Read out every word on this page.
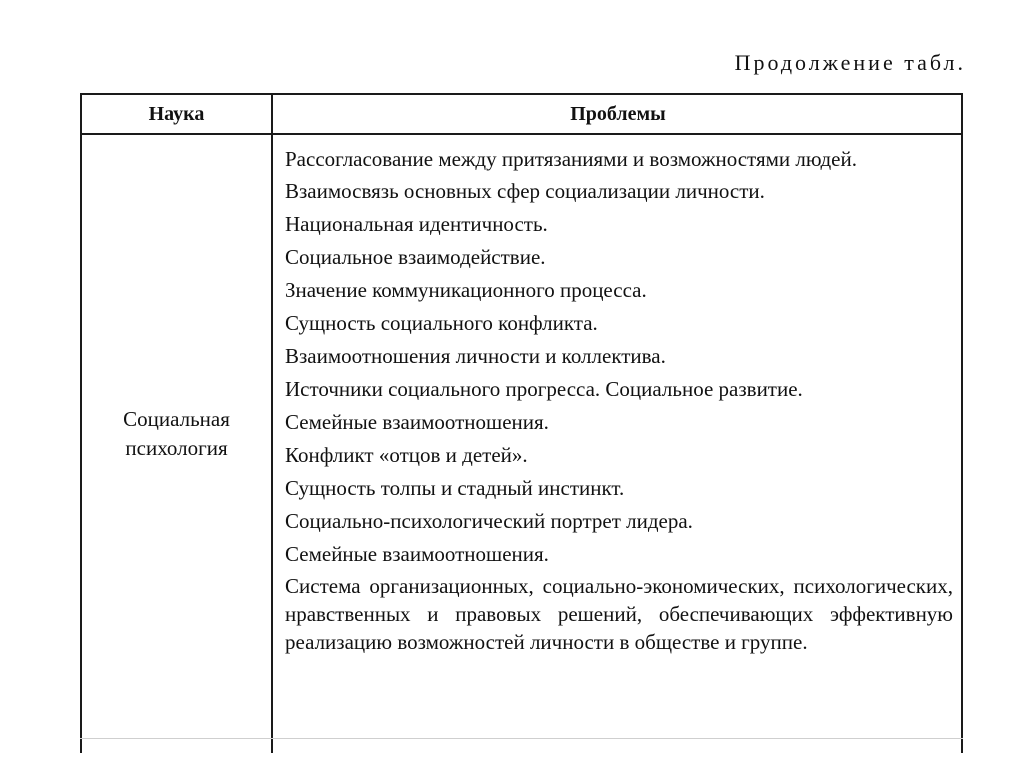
Продолжение табл.
Наука	Проблемы
Социальная
психология
Рассогласование между притязаниями и возможностями людей.
Взаимосвязь основных сфер социализации личности.
Национальная идентичность.
Социальное взаимодействие.
Значение коммуникационного процесса.
Сущность социального конфликта.
Взаимоотношения личности и коллектива.
Источники социального прогресса. Социальное развитие.
Семейные взаимоотношения.
Конфликт «отцов и детей».
Сущность толпы и стадный инстинкт.
Социально-психологический портрет лидера.
Семейные взаимоотношения.
Система организационных, социально-экономических, психологических, нравственных и правовых решений, обеспечивающих эффективную реализацию возможностей личности в обществе и группе.
